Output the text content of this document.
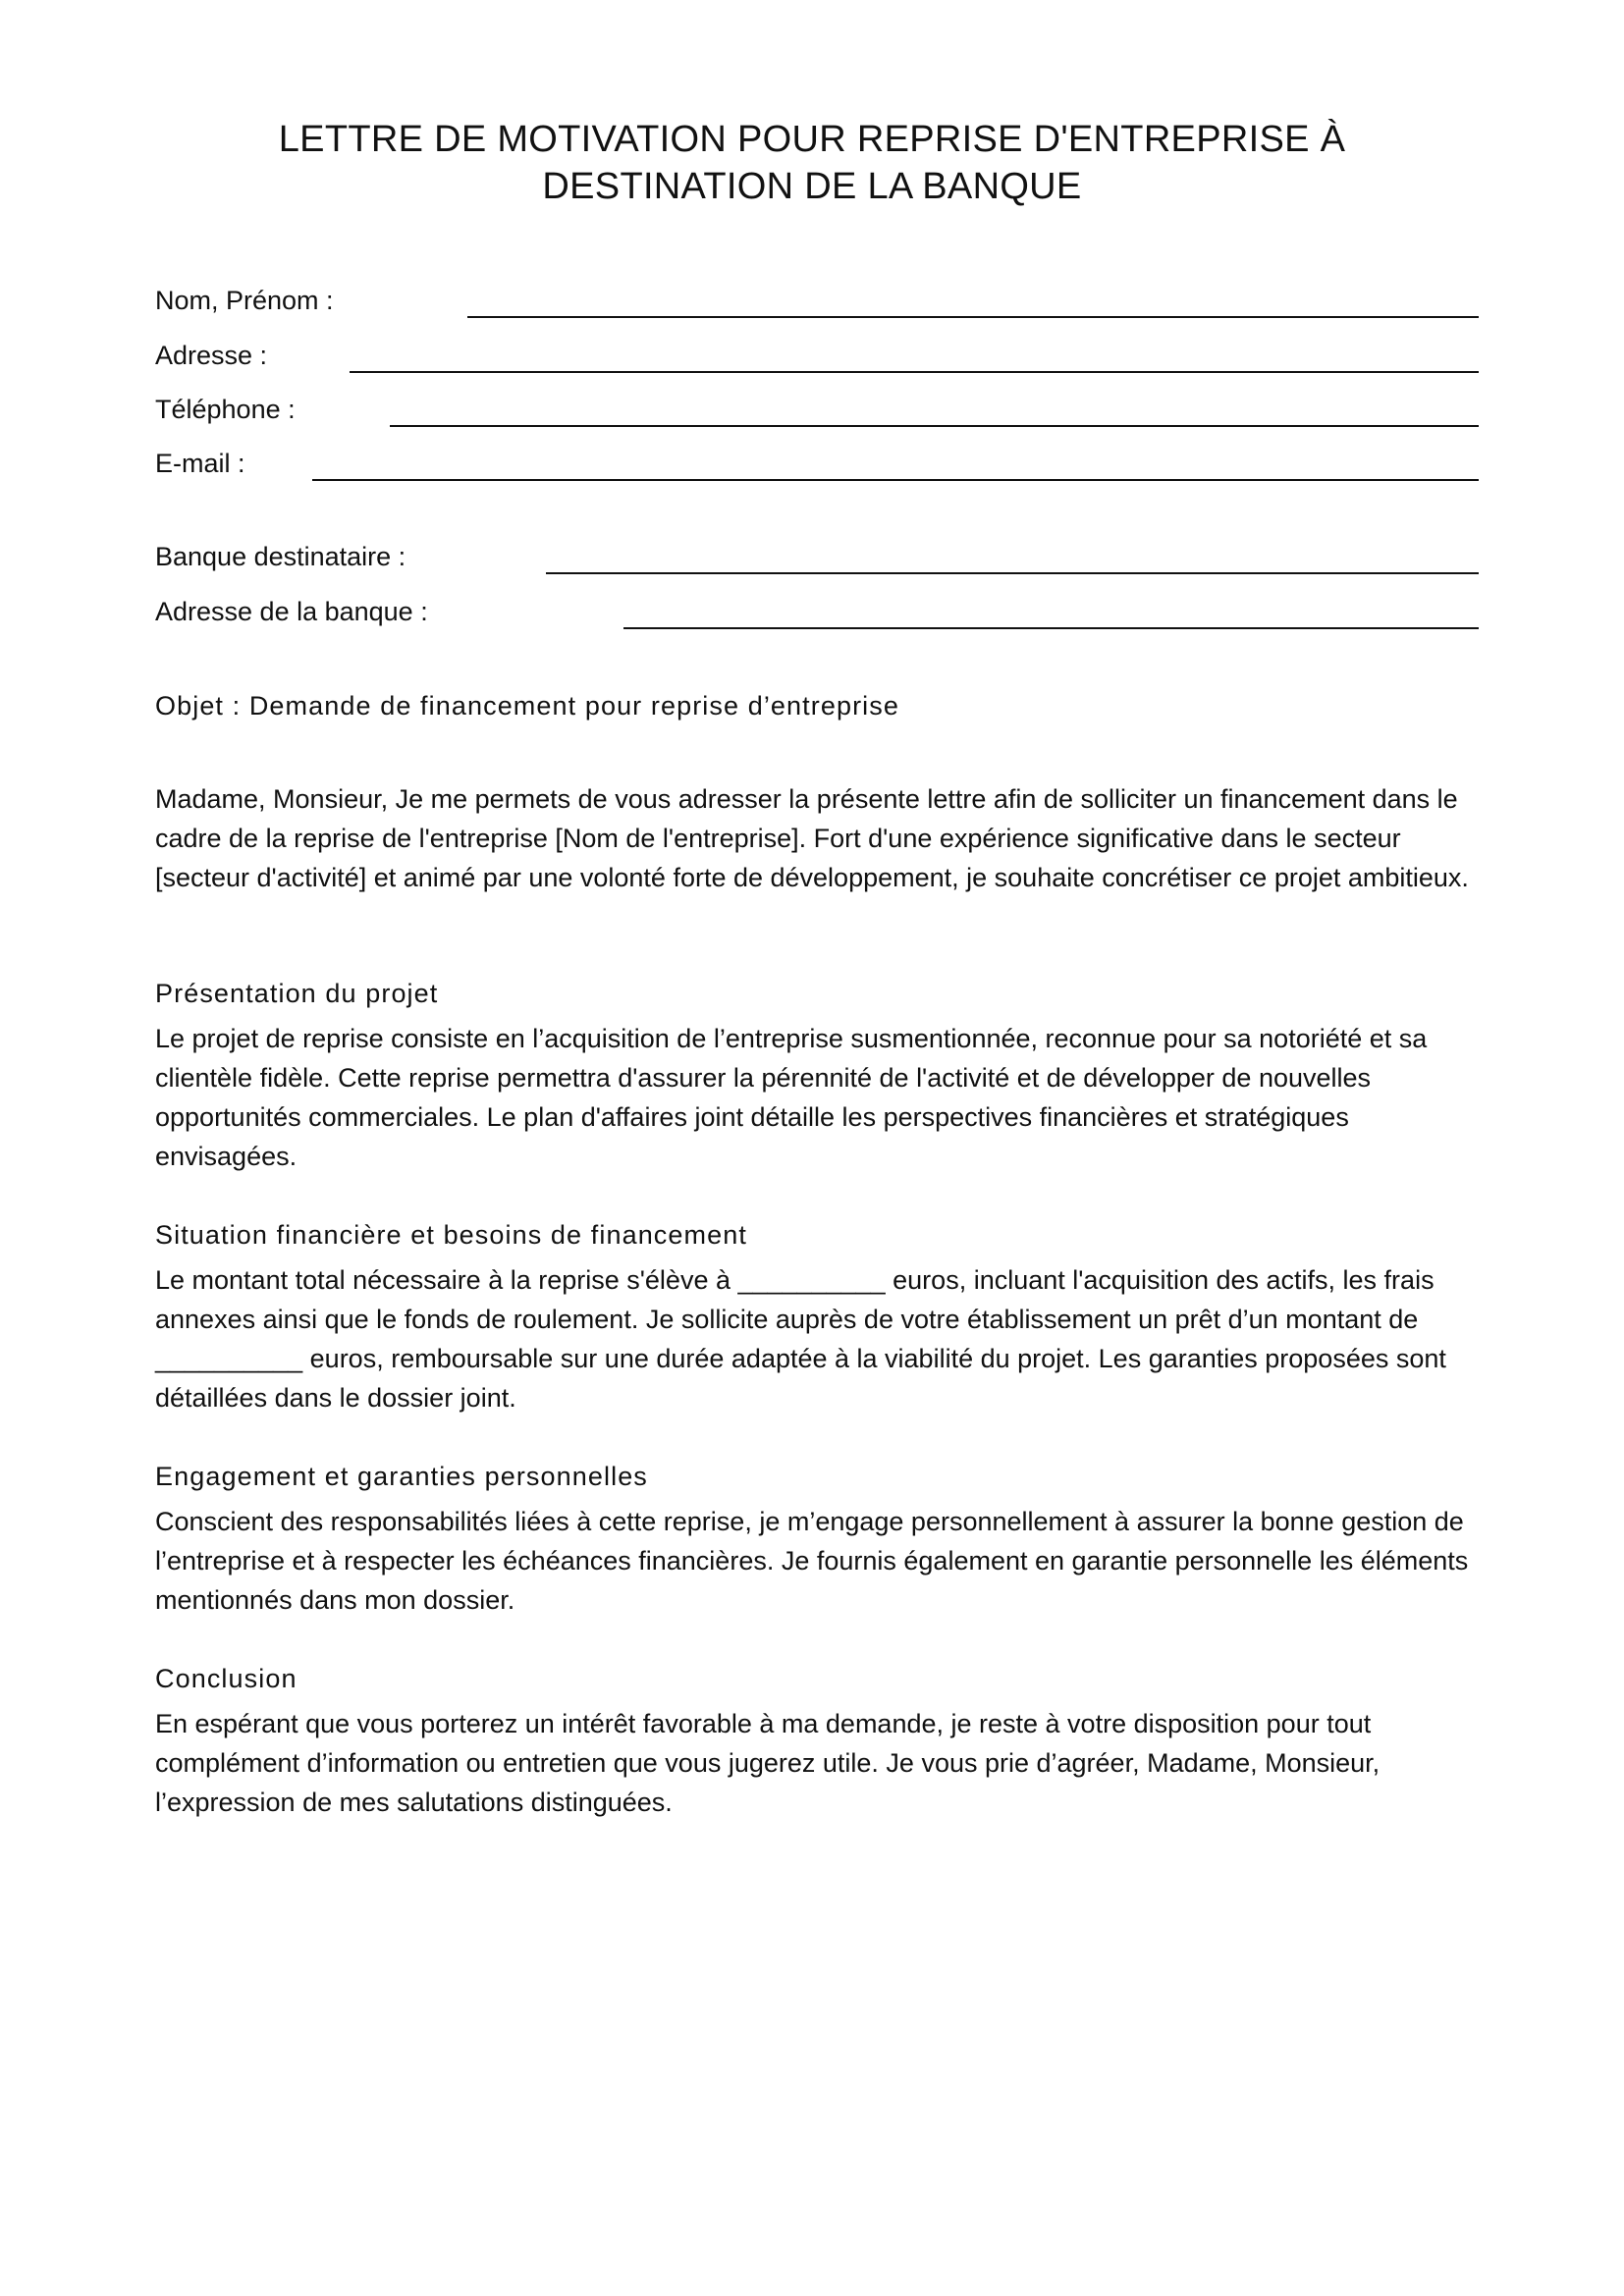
LETTRE DE MOTIVATION POUR REPRISE D'ENTREPRISE À
DESTINATION DE LA BANQUE
Nom, Prénom :
Adresse :
Téléphone :
E-mail :
Banque destinataire :
Adresse de la banque :
Objet : Demande de financement pour reprise d’entreprise

Madame, Monsieur, Je me permets de vous adresser la présente lettre afin de solliciter un financement dans le cadre de la reprise de l'entreprise [Nom de l'entreprise]. Fort d'une expérience significative dans le secteur [secteur d'activité] et animé par une volonté forte de développement, je souhaite concrétiser ce projet ambitieux.

Présentation du projet

Le projet de reprise consiste en l’acquisition de l’entreprise susmentionnée, reconnue pour sa notoriété et sa clientèle fidèle. Cette reprise permettra d'assurer la pérennité de l'activité et de développer de nouvelles opportunités commerciales. Le plan d'affaires joint détaille les perspectives financières et stratégiques envisagées.

Situation financière et besoins de financement

Le montant total nécessaire à la reprise s'élève à __________ euros, incluant l'acquisition des actifs, les frais annexes ainsi que le fonds de roulement. Je sollicite auprès de votre établissement un prêt d’un montant de __________ euros, remboursable sur une durée adaptée à la viabilité du projet. Les garanties proposées sont détaillées dans le dossier joint.

Engagement et garanties personnelles

Conscient des responsabilités liées à cette reprise, je m’engage personnellement à assurer la bonne gestion de l’entreprise et à respecter les échéances financières. Je fournis également en garantie personnelle les éléments mentionnés dans mon dossier.

Conclusion

En espérant que vous porterez un intérêt favorable à ma demande, je reste à votre disposition pour tout complément d’information ou entretien que vous jugerez utile. Je vous prie d’agréer, Madame, Monsieur, l’expression de mes salutations distinguées.
